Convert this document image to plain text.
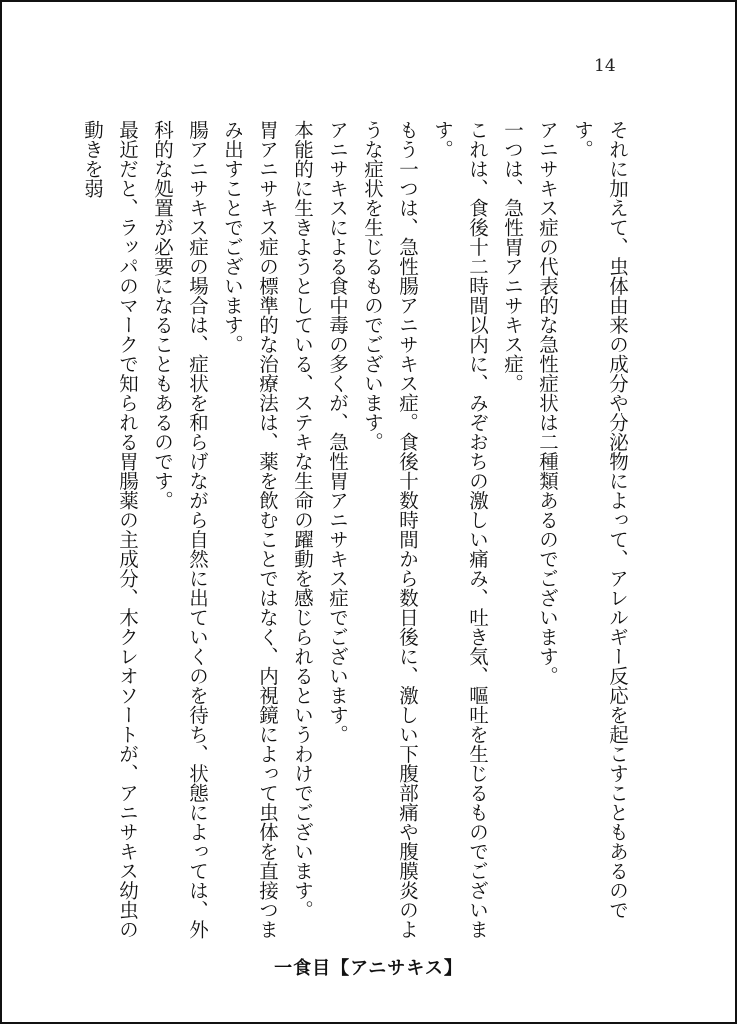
14

それに加えて、虫体由来の成分や分泌物によって、アレルギー反応を起こすこともあるのです。

アニサキス症の代表的な急性症状は二種類あるのでございます。

一つは、急性胃アニサキス症。

これは、食後十二時間以内に、みぞおちの激しい痛み、吐き気、嘔吐を生じるものでございます。

もう一つは、急性腸アニサキス症。食後十数時間から数日後に、激しい下腹部痛や腹膜炎のような症状を生じるものでございます。

アニサキスによる食中毒の多くが、急性胃アニサキス症でございます。

本能的に生きようとしている、ステキな生命の躍動を感じられるというわけでございます。

胃アニサキス症の標準的な治療法は、薬を飲むことではなく、内視鏡によって虫体を直接つまみ出すことでございます。

腸アニサキス症の場合は、症状を和らげながら自然に出ていくのを待ち、状態によっては、外科的な処置が必要になることもあるのです。

最近だと、ラッパのマークで知られる胃腸薬の主成分、木クレオソートが、アニサキス幼虫の動きを弱

一食目【アニサキス】
